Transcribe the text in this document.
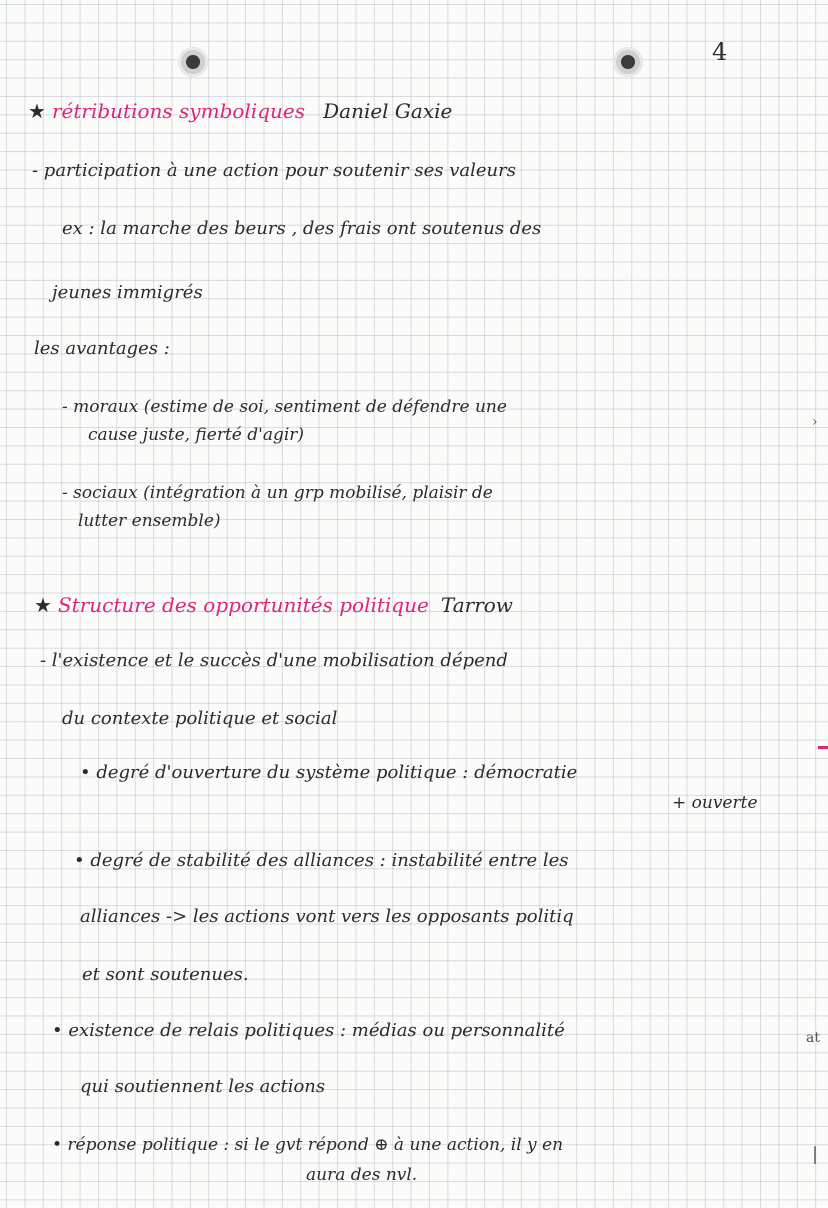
4
★ rétributions symboliques Daniel Gaxie
- participation à une action pour soutenir ses valeurs
ex : la marche des beurs , des frais ont soutenus des
jeunes immigrés
les avantages :
- moraux (estime de soi, sentiment de défendre une
cause juste, fierté d'agir)
- sociaux (intégration à un grp mobilisé, plaisir de
lutter ensemble)
›
★ Structure des opportunités politique Tarrow
- l'existence et le succès d'une mobilisation dépend
du contexte politique et social
• degré d'ouverture du système politique : démocratie
+ ouverte
• degré de stabilité des alliances : instabilité entre les
alliances -> les actions vont vers les opposants politiq
et sont soutenues.
• existence de relais politiques : médias ou personnalité
qui soutiennent les actions
• réponse politique : si le gvt répond ⊕ à une action, il y en
aura des nvl.
at
|
